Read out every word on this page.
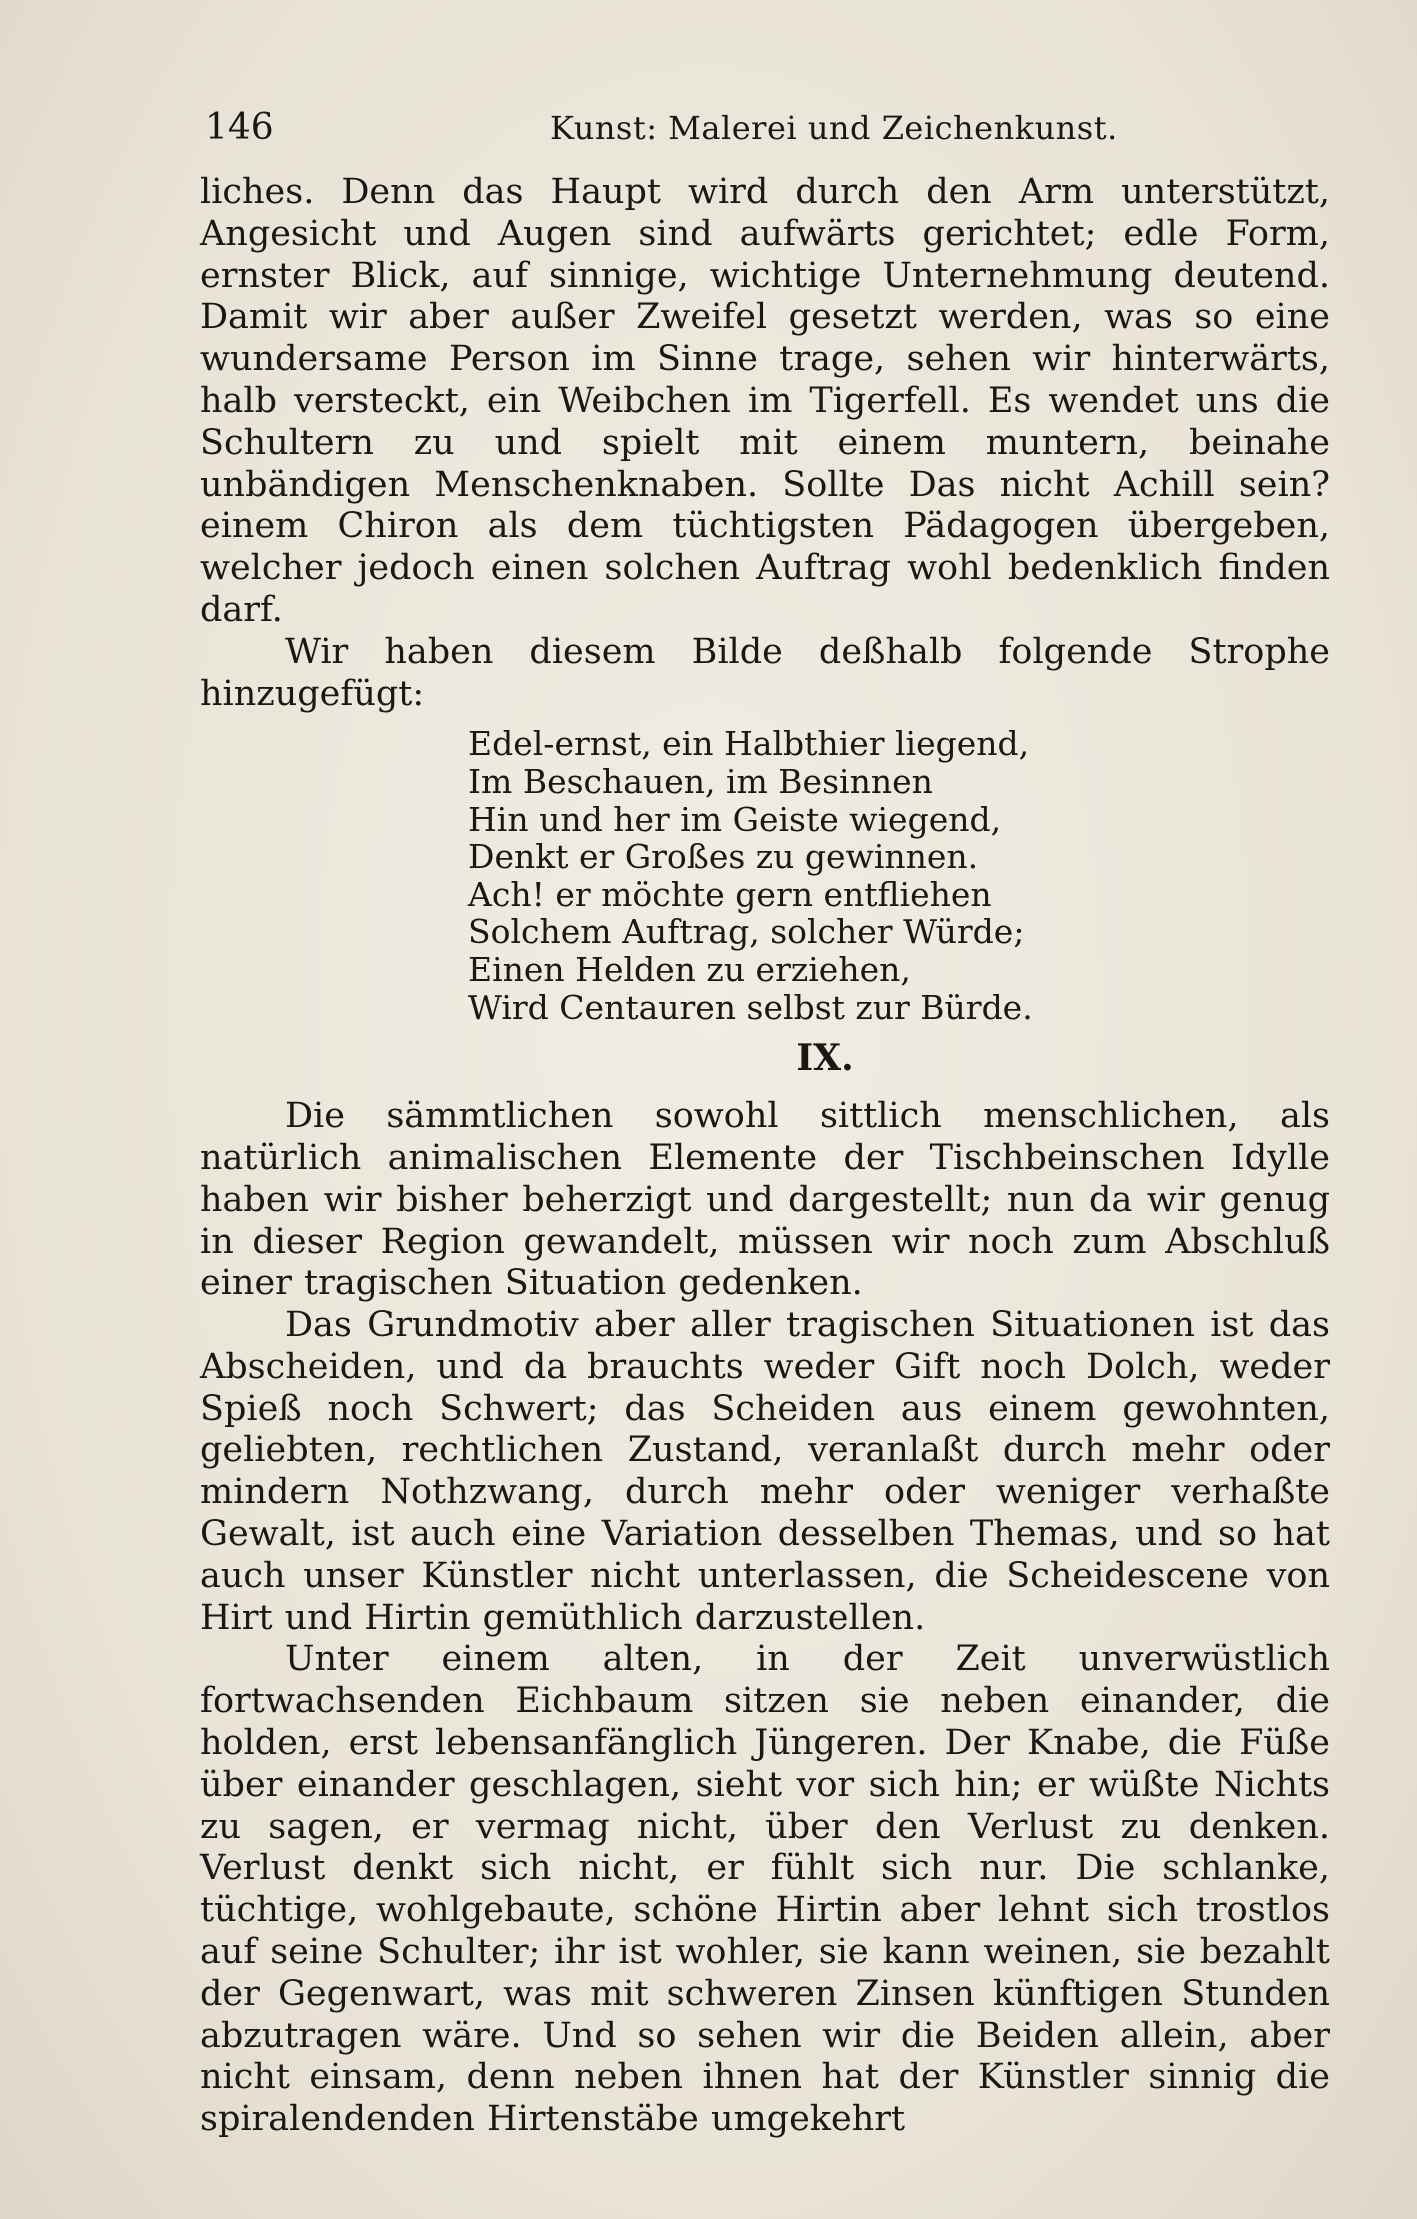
146	Kunst: Malerei und Zeichenkunst.

liches. Denn das Haupt wird durch den Arm unterstützt, Angesicht und Augen sind aufwärts gerichtet; edle Form, ernster Blick, auf sinnige, wichtige Unternehmung deutend. Damit wir aber außer Zweifel gesetzt werden, was so eine wundersame Person im Sinne trage, sehen wir hinterwärts, halb versteckt, ein Weibchen im Tigerfell. Es wendet uns die Schultern zu und spielt mit einem muntern, beinahe unbändigen Menschenknaben. Sollte Das nicht Achill sein? einem Chiron als dem tüchtigsten Pädagogen übergeben, welcher jedoch einen solchen Auftrag wohl bedenklich finden darf.

Wir haben diesem Bilde deßhalb folgende Strophe hinzugefügt:

Edel-ernst, ein Halbthier liegend,
Im Beschauen, im Besinnen
Hin und her im Geiste wiegend,
Denkt er Großes zu gewinnen.
Ach! er möchte gern entfliehen
Solchem Auftrag, solcher Würde;
Einen Helden zu erziehen,
Wird Centauren selbst zur Bürde.
IX.

Die sämmtlichen sowohl sittlich menschlichen, als natürlich animalischen Elemente der Tischbeinschen Idylle haben wir bisher beherzigt und dargestellt; nun da wir genug in dieser Region gewandelt, müssen wir noch zum Abschluß einer tragischen Situation gedenken.

Das Grundmotiv aber aller tragischen Situationen ist das Abscheiden, und da brauchts weder Gift noch Dolch, weder Spieß noch Schwert; das Scheiden aus einem gewohnten, geliebten, rechtlichen Zustand, veranlaßt durch mehr oder mindern Nothzwang, durch mehr oder weniger verhaßte Gewalt, ist auch eine Variation desselben Themas, und so hat auch unser Künstler nicht unterlassen, die Scheidescene von Hirt und Hirtin gemüthlich darzustellen.

Unter einem alten, in der Zeit unverwüstlich fortwachsenden Eichbaum sitzen sie neben einander, die holden, erst lebensanfänglich Jüngeren. Der Knabe, die Füße über einander geschlagen, sieht vor sich hin; er wüßte Nichts zu sagen, er vermag nicht, über den Verlust zu denken. Verlust denkt sich nicht, er fühlt sich nur. Die schlanke, tüchtige, wohlgebaute, schöne Hirtin aber lehnt sich trostlos auf seine Schulter; ihr ist wohler, sie kann weinen, sie bezahlt der Gegenwart, was mit schweren Zinsen künftigen Stunden abzutragen wäre. Und so sehen wir die Beiden allein, aber nicht einsam, denn neben ihnen hat der Künstler sinnig die spiralendenden Hirtenstäbe umgekehrt
